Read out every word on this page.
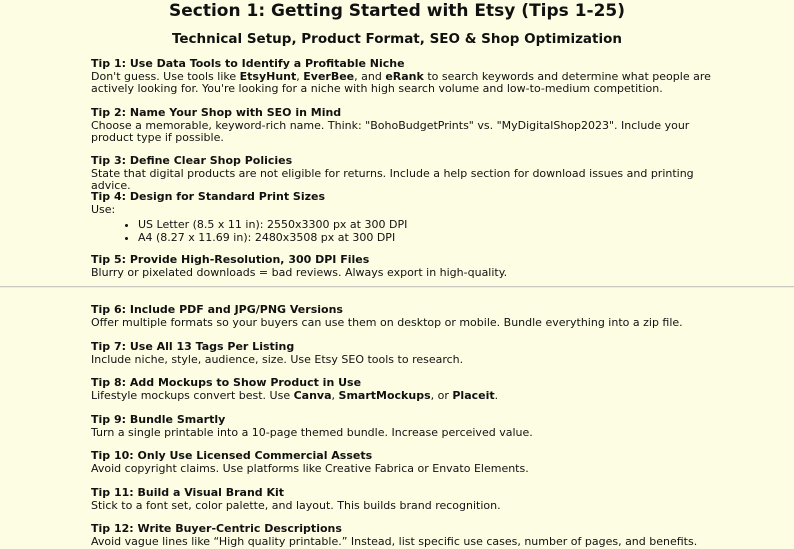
Section 1: Getting Started with Etsy (Tips 1-25)
Technical Setup, Product Format, SEO & Shop Optimization
Tip 1: Use Data Tools to Identify a Profitable Niche
Don't guess. Use tools like EtsyHunt, EverBee, and eRank to search keywords and determine what people are actively looking for. You're looking for a niche with high search volume and low-to-medium competition.
Tip 2: Name Your Shop with SEO in Mind
Choose a memorable, keyword-rich name. Think: "BohoBudgetPrints" vs. "MyDigitalShop2023". Include your product type if possible.
Tip 3: Define Clear Shop Policies
State that digital products are not eligible for returns. Include a help section for download issues and printing advice.
Tip 4: Design for Standard Print Sizes
Use:
• US Letter (8.5 x 11 in): 2550x3300 px at 300 DPI
• A4 (8.27 x 11.69 in): 2480x3508 px at 300 DPI
Tip 5: Provide High-Resolution, 300 DPI Files
Blurry or pixelated downloads = bad reviews. Always export in high-quality.
Tip 6: Include PDF and JPG/PNG Versions
Offer multiple formats so your buyers can use them on desktop or mobile. Bundle everything into a zip file.
Tip 7: Use All 13 Tags Per Listing
Include niche, style, audience, size. Use Etsy SEO tools to research.
Tip 8: Add Mockups to Show Product in Use
Lifestyle mockups convert best. Use Canva, SmartMockups, or Placeit.
Tip 9: Bundle Smartly
Turn a single printable into a 10-page themed bundle. Increase perceived value.
Tip 10: Only Use Licensed Commercial Assets
Avoid copyright claims. Use platforms like Creative Fabrica or Envato Elements.
Tip 11: Build a Visual Brand Kit
Stick to a font set, color palette, and layout. This builds brand recognition.
Tip 12: Write Buyer-Centric Descriptions
Avoid vague lines like “High quality printable.” Instead, list specific use cases, number of pages, and benefits.
